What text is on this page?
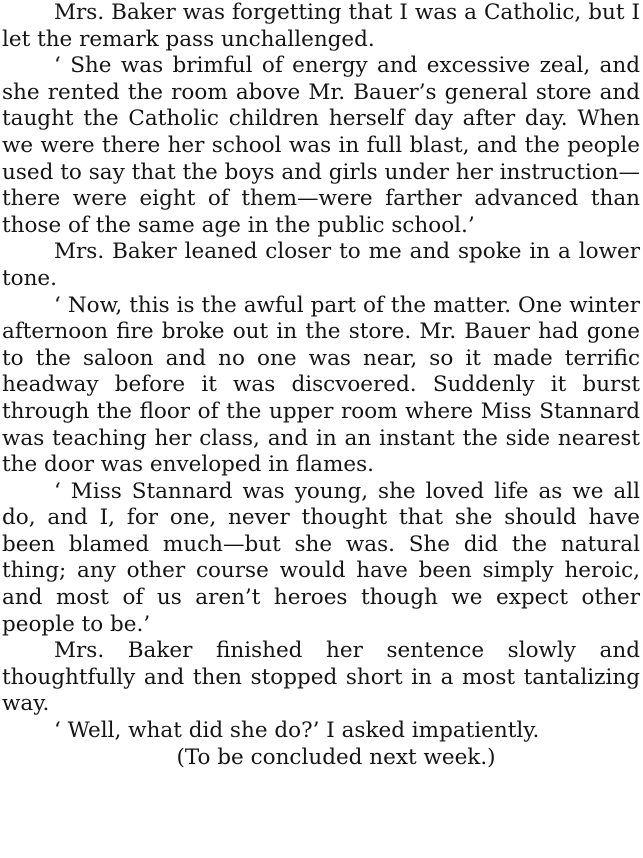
Mrs. Baker was forgetting that I was a Catholic, but I let the remark pass unchallenged.

‘ She was brimful of energy and excessive zeal, and she rented the room above Mr. Bauer’s general store and taught the Catholic children herself day after day. When we were there her school was in full blast, and the people used to say that the boys and girls under her instruction—there were eight of them—were farther advanced than those of the same age in the public school.’

Mrs. Baker leaned closer to me and spoke in a lower tone.

‘ Now, this is the awful part of the matter. One winter afternoon fire broke out in the store. Mr. Bauer had gone to the saloon and no one was near, so it made terrific headway before it was discvoered. Suddenly it burst through the floor of the upper room where Miss Stannard was teaching her class, and in an instant the side nearest the door was enveloped in flames.

‘ Miss Stannard was young, she loved life as we all do, and I, for one, never thought that she should have been blamed much—but she was. She did the natural thing; any other course would have been simply heroic, and most of us aren’t heroes though we expect other people to be.’

Mrs. Baker finished her sentence slowly and thoughtfully and then stopped short in a most tantalizing way.

‘ Well, what did she do?’ I asked impatiently.

(To be concluded next week.)
